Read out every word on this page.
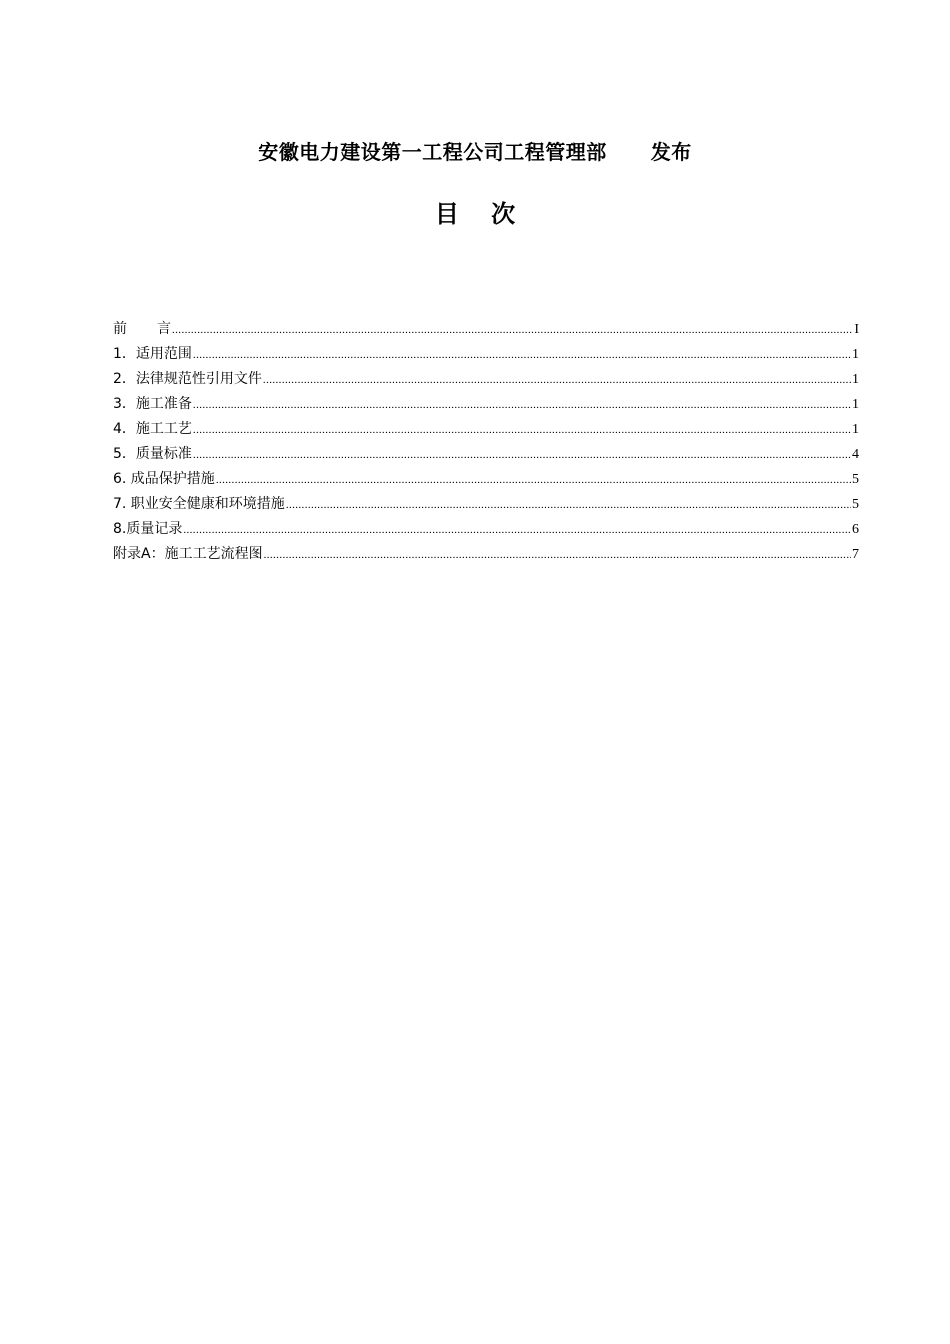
安徽电力建设第一工程公司工程管理部 发布
目 次
前 言 .....	I
1．适用范围 .....	1
2．法律规范性引用文件 .....	1
3．施工准备 .....	1
4．施工工艺 .....	1
5．质量标准 .....	4
6. 成品保护措施 .....	5
7. 职业安全健康和环境措施 .....	5
8.质量记录 .....	6
附录A：施工工艺流程图 .....	7
